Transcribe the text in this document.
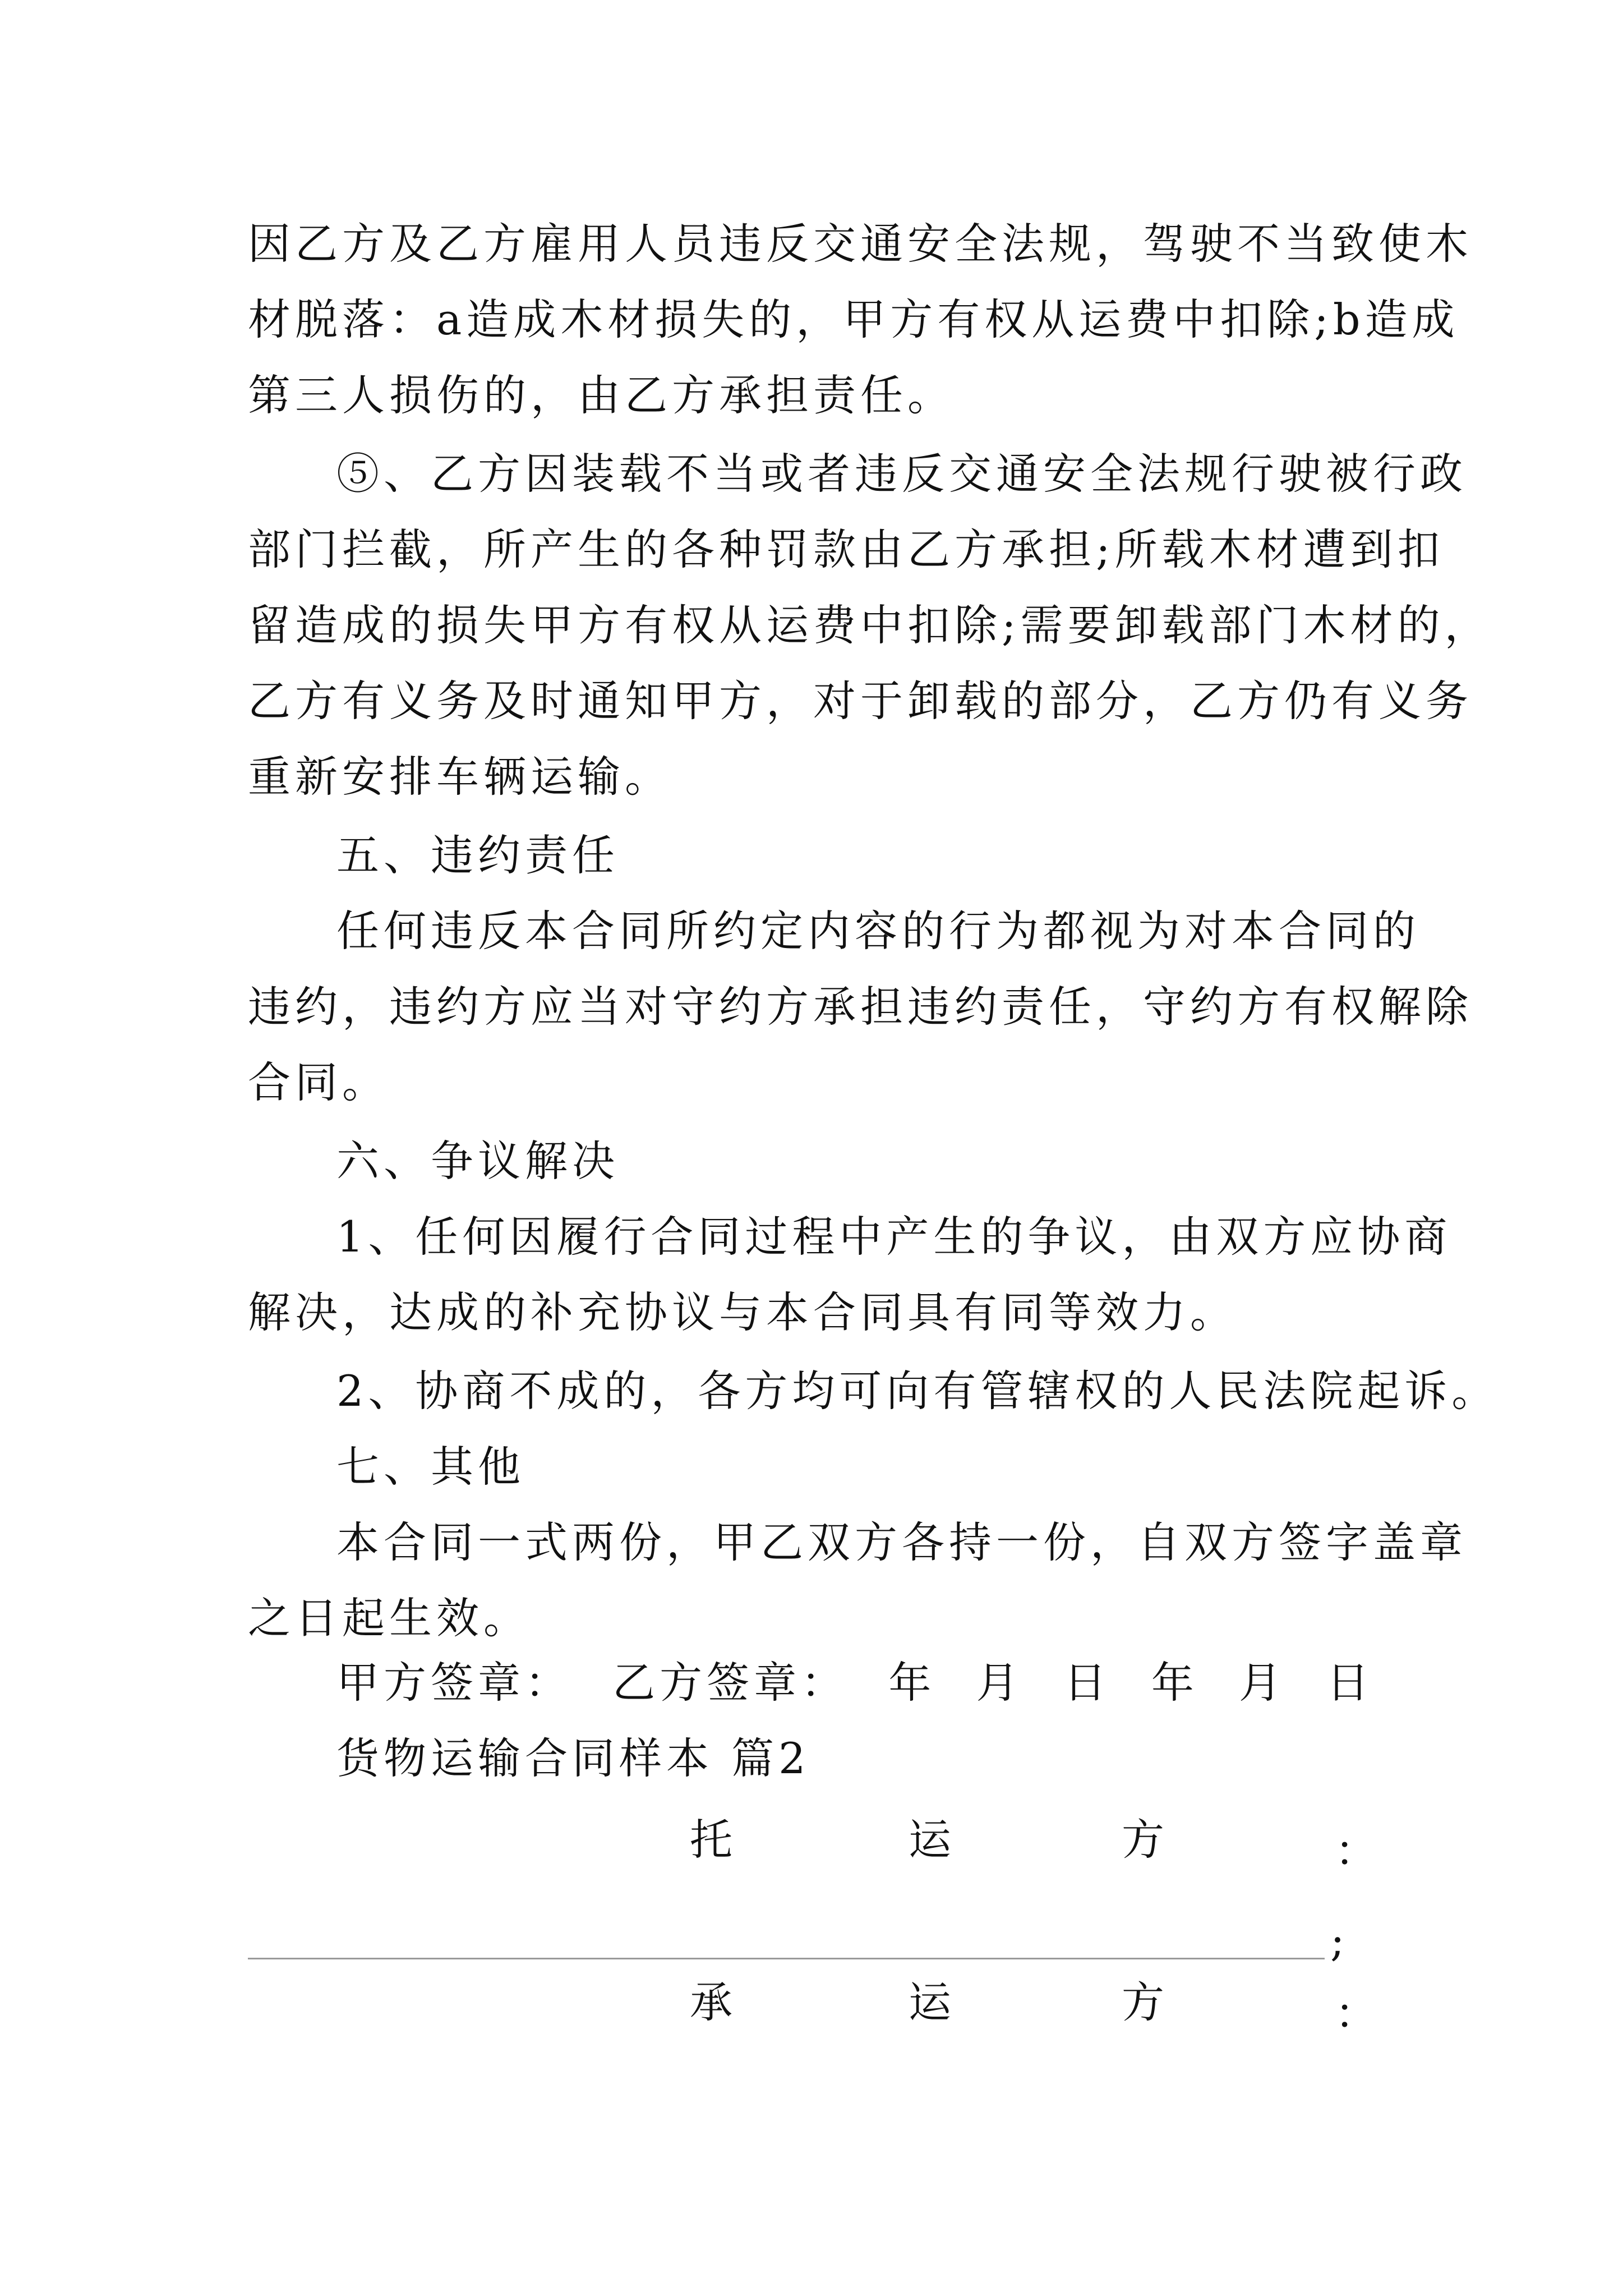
因乙方及乙方雇用人员违反交通安全法规，驾驶不当致使木
材脱落：a造成木材损失的，甲方有权从运费中扣除;b造成
第三人损伤的，由乙方承担责任。
⑤、乙方因装载不当或者违反交通安全法规行驶被行政
部门拦截，所产生的各种罚款由乙方承担;所载木材遭到扣
留造成的损失甲方有权从运费中扣除;需要卸载部门木材的，
乙方有义务及时通知甲方，对于卸载的部分，乙方仍有义务
重新安排车辆运输。
五、违约责任
任何违反本合同所约定内容的行为都视为对本合同的
违约，违约方应当对守约方承担违约责任，守约方有权解除
合同。
六、争议解决
1、任何因履行合同过程中产生的争议，由双方应协商
解决，达成的补充协议与本合同具有同等效力。
2、协商不成的，各方均可向有管辖权的人民法院起诉。
七、其他
本合同一式两份，甲乙双方各持一份，自双方签字盖章
之日起生效。
甲方签章： 乙方签章： 年 月 日 年 月 日
货物运输合同样本 篇2
托	运	方	：
;
承	运	方	：
